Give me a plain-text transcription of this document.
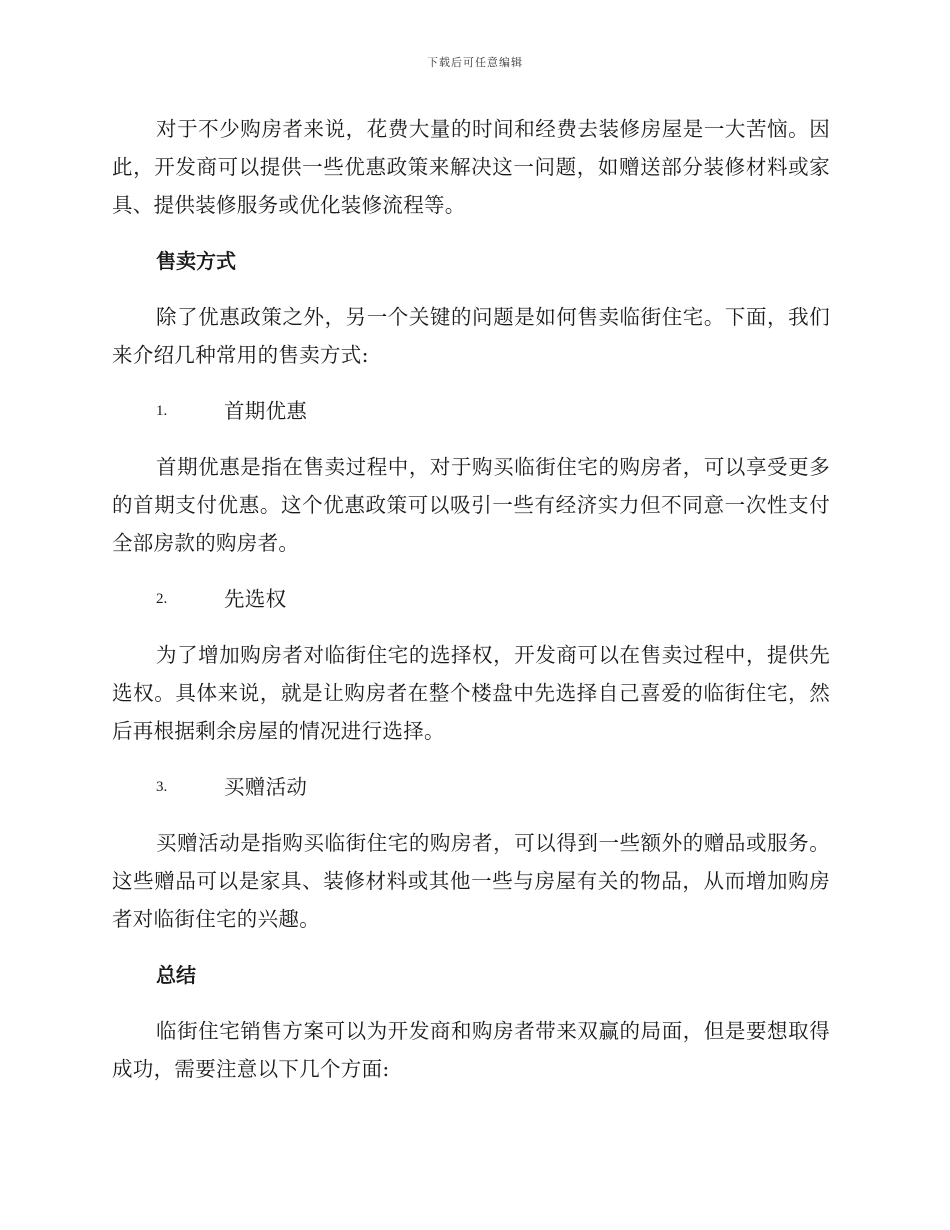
下载后可任意编辑

对于不少购房者来说，花费大量的时间和经费去装修房屋是一大苦恼。因此，开发商可以提供一些优惠政策来解决这一问题，如赠送部分装修材料或家具、提供装修服务或优化装修流程等。

售卖方式

除了优惠政策之外，另一个关键的问题是如何售卖临街住宅。下面，我们来介绍几种常用的售卖方式:

1.	首期优惠

首期优惠是指在售卖过程中，对于购买临街住宅的购房者，可以享受更多的首期支付优惠。这个优惠政策可以吸引一些有经济实力但不同意一次性支付全部房款的购房者。

2.	先选权

为了增加购房者对临街住宅的选择权，开发商可以在售卖过程中，提供先选权。具体来说，就是让购房者在整个楼盘中先选择自己喜爱的临街住宅，然后再根据剩余房屋的情况进行选择。

3.	买赠活动

买赠活动是指购买临街住宅的购房者，可以得到一些额外的赠品或服务。这些赠品可以是家具、装修材料或其他一些与房屋有关的物品，从而增加购房者对临街住宅的兴趣。

总结

临街住宅销售方案可以为开发商和购房者带来双赢的局面，但是要想取得成功，需要注意以下几个方面:
